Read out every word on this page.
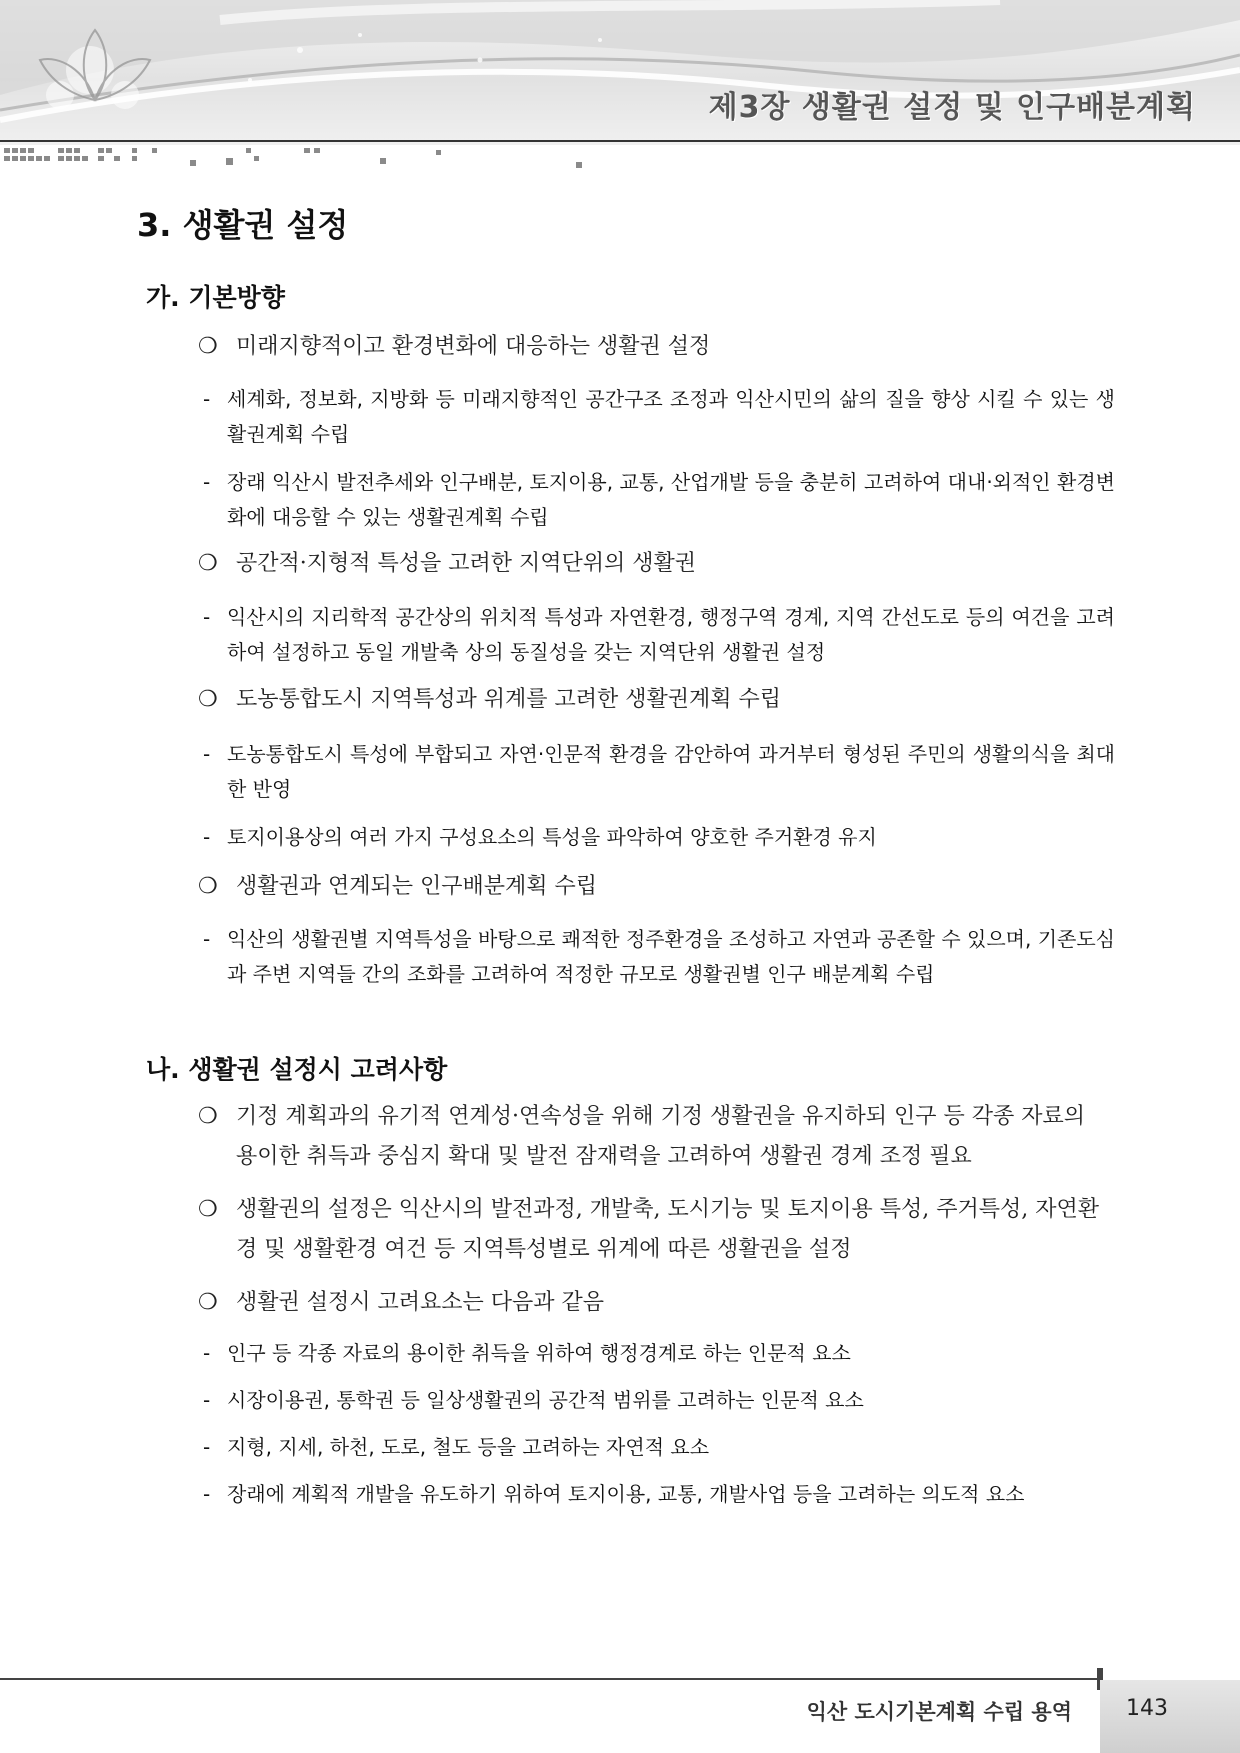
제3장 생활권 설정 및 인구배분계획
3. 생활권 설정
가. 기본방향
❍ 미래지향적이고 환경변화에 대응하는 생활권 설정
- 세계화, 정보화, 지방화 등 미래지향적인 공간구조 조정과 익산시민의 삶의 질을 향상 시킬 수 있는 생활권계획 수립
- 장래 익산시 발전추세와 인구배분, 토지이용, 교통, 산업개발 등을 충분히 고려하여 대내·외적인 환경변화에 대응할 수 있는 생활권계획 수립
❍ 공간적·지형적 특성을 고려한 지역단위의 생활권
- 익산시의 지리학적 공간상의 위치적 특성과 자연환경, 행정구역 경계, 지역 간선도로 등의 여건을 고려하여 설정하고 동일 개발축 상의 동질성을 갖는 지역단위 생활권 설정
❍ 도농통합도시 지역특성과 위계를 고려한 생활권계획 수립
- 도농통합도시 특성에 부합되고 자연·인문적 환경을 감안하여 과거부터 형성된 주민의 생활의식을 최대한 반영
- 토지이용상의 여러 가지 구성요소의 특성을 파악하여 양호한 주거환경 유지
❍ 생활권과 연계되는 인구배분계획 수립
- 익산의 생활권별 지역특성을 바탕으로 쾌적한 정주환경을 조성하고 자연과 공존할 수 있으며, 기존도심과 주변 지역들 간의 조화를 고려하여 적정한 규모로 생활권별 인구 배분계획 수립
나. 생활권 설정시 고려사항
❍ 기정 계획과의 유기적 연계성·연속성을 위해 기정 생활권을 유지하되 인구 등 각종 자료의 용이한 취득과 중심지 확대 및 발전 잠재력을 고려하여 생활권 경계 조정 필요
❍ 생활권의 설정은 익산시의 발전과정, 개발축, 도시기능 및 토지이용 특성, 주거특성, 자연환경 및 생활환경 여건 등 지역특성별로 위계에 따른 생활권을 설정
❍ 생활권 설정시 고려요소는 다음과 같음
- 인구 등 각종 자료의 용이한 취득을 위하여 행정경계로 하는 인문적 요소
- 시장이용권, 통학권 등 일상생활권의 공간적 범위를 고려하는 인문적 요소
- 지형, 지세, 하천, 도로, 철도 등을 고려하는 자연적 요소
- 장래에 계획적 개발을 유도하기 위하여 토지이용, 교통, 개발사업 등을 고려하는 의도적 요소
익산 도시기본계획 수립 용역 143
